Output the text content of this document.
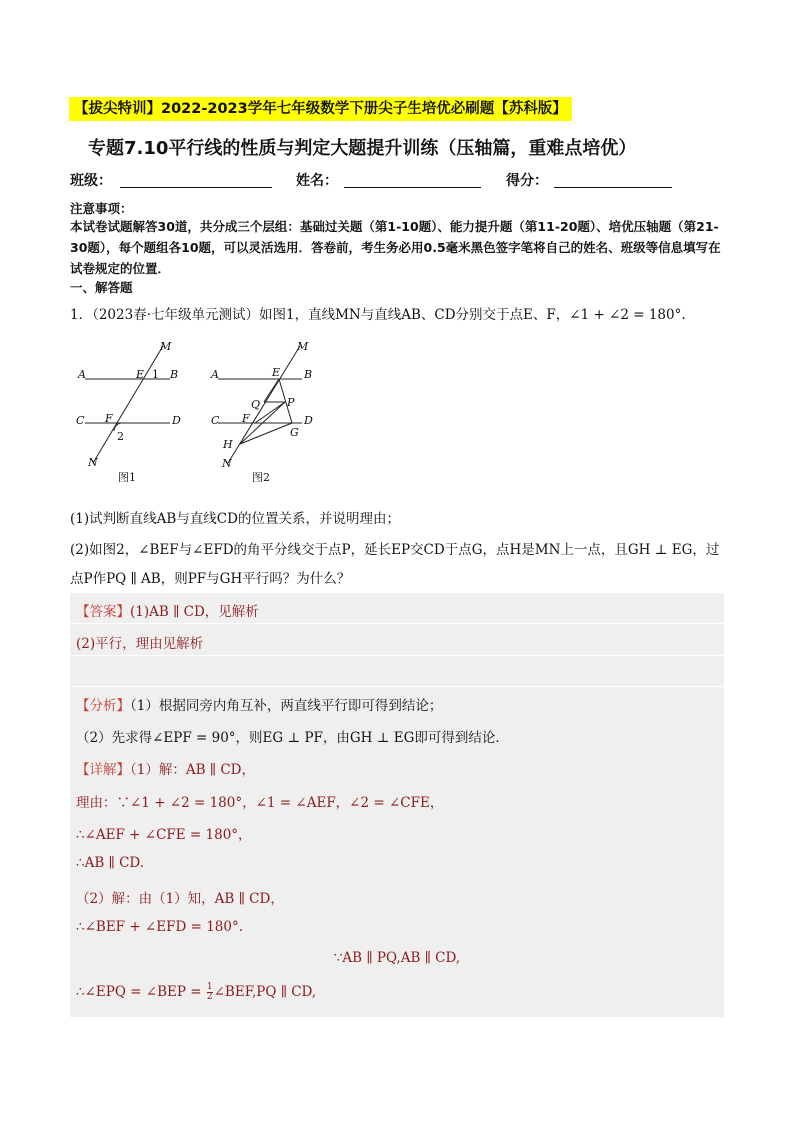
【拔尖特训】2022-2023学年七年级数学下册尖子生培优必刷题【苏科版】
专题7.10平行线的性质与判定大题提升训练（压轴篇，重难点培优）
班级：	姓名：	得分：
注意事项：
本试卷试题解答30道，共分成三个层组：基础过关题（第1-10题）、能力提升题（第11-20题）、培优压轴题（第21-30题），每个题组各10题，可以灵活选用．答卷前，考生务必用0.5毫米黑色签字笔将自己的姓名、班级等信息填写在试卷规定的位置．
一、解答题
1．（2023春·七年级单元测试）如图1，直线MN与直线AB、CD分别交于点E、F，∠1 + ∠2 = 180°.
M
A	E 1 B
C F	D
2
N
图1
M
A	E B
Q P
C F	D
G
H
N
图2
(1)试判断直线AB与直线CD的位置关系，并说明理由；
(2)如图2，∠BEF与∠EFD的角平分线交于点P，延长EP交CD于点G，点H是MN上一点，且GH ⊥ EG，过
点P作PQ ∥ AB，则PF与GH平行吗？为什么？
【答案】(1)AB ∥ CD，见解析
(2)平行，理由见解析
【分析】（1）根据同旁内角互补，两直线平行即可得到结论；
（2）先求得∠EPF = 90°，则EG ⊥ PF，由GH ⊥ EG即可得到结论．
【详解】（1）解：AB ∥ CD，
理由：∵∠1 + ∠2 = 180°，∠1 = ∠AEF，∠2 = ∠CFE，
∴∠AEF + ∠CFE = 180°，
∴AB ∥ CD.
（2）解：由（1）知，AB ∥ CD，
∴∠BEF + ∠EFD = 180°.
∵AB ∥ PQ,AB ∥ CD,
∴∠EPQ = ∠BEP = $\frac{1}{2}$ ∠BEF,PQ ∥ CD,
